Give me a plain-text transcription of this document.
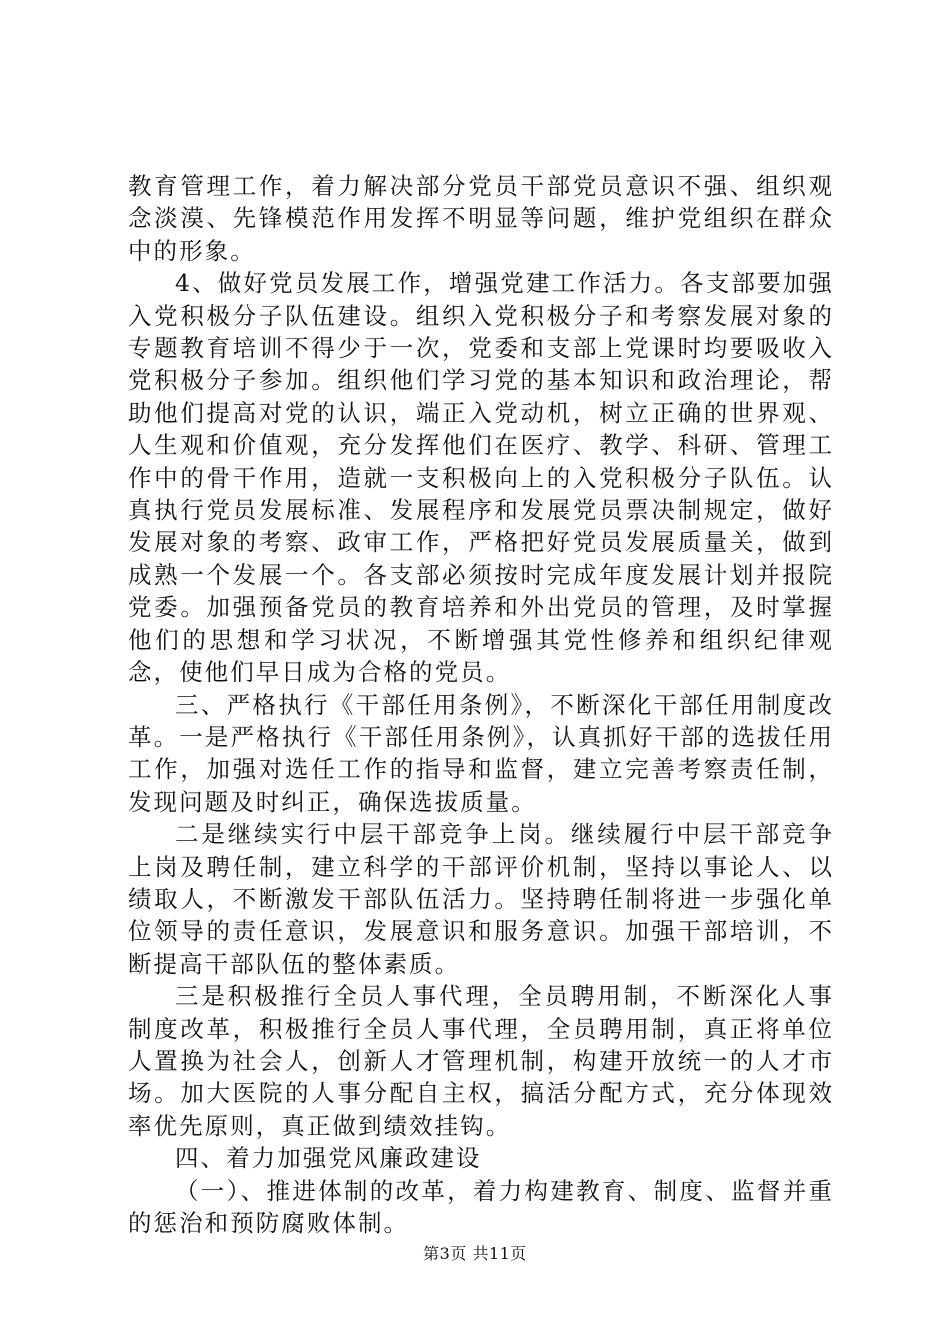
教育管理工作，着力解决部分党员干部党员意识不强、组织观念淡漠、先锋模范作用发挥不明显等问题，维护党组织在群众中的形象。

4、做好党员发展工作，增强党建工作活力。各支部要加强入党积极分子队伍建设。组织入党积极分子和考察发展对象的专题教育培训不得少于一次，党委和支部上党课时均要吸收入党积极分子参加。组织他们学习党的基本知识和政治理论，帮助他们提高对党的认识，端正入党动机，树立正确的世界观、人生观和价值观，充分发挥他们在医疗、教学、科研、管理工作中的骨干作用，造就一支积极向上的入党积极分子队伍。认真执行党员发展标准、发展程序和发展党员票决制规定，做好发展对象的考察、政审工作，严格把好党员发展质量关，做到成熟一个发展一个。各支部必须按时完成年度发展计划并报院党委。加强预备党员的教育培养和外出党员的管理，及时掌握他们的思想和学习状况，不断增强其党性修养和组织纪律观念，使他们早日成为合格的党员。

三、严格执行《干部任用条例》，不断深化干部任用制度改革。一是严格执行《干部任用条例》，认真抓好干部的选拔任用工作，加强对选任工作的指导和监督，建立完善考察责任制，发现问题及时纠正，确保选拔质量。

二是继续实行中层干部竞争上岗。继续履行中层干部竞争上岗及聘任制，建立科学的干部评价机制，坚持以事论人、以绩取人，不断激发干部队伍活力。坚持聘任制将进一步强化单位领导的责任意识，发展意识和服务意识。加强干部培训，不断提高干部队伍的整体素质。

三是积极推行全员人事代理，全员聘用制，不断深化人事制度改革，积极推行全员人事代理，全员聘用制，真正将单位人置换为社会人，创新人才管理机制，构建开放统一的人才市场。加大医院的人事分配自主权，搞活分配方式，充分体现效率优先原则，真正做到绩效挂钩。

四、着力加强党风廉政建设

（一）、推进体制的改革，着力构建教育、制度、监督并重的惩治和预防腐败体制。

第3页 共11页
